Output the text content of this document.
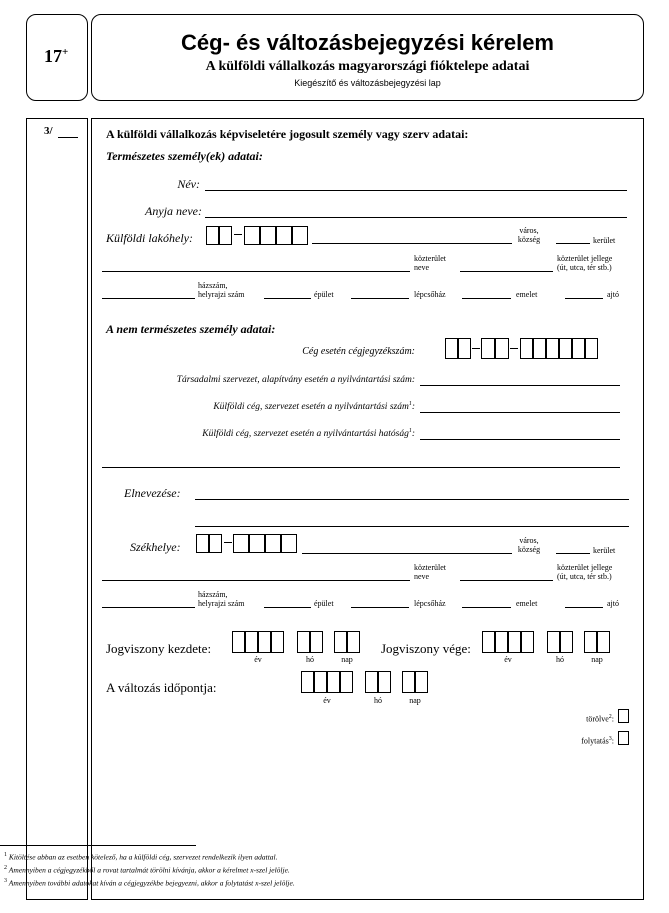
17+	Cég- és változásbejegyzési kérelem
A külföldi vállalkozás magyarországi fióktelepe adatai
Kiegészítő és változásbejegyzési lap
3/	A külföldi vállalkozás képviseletére jogosult személy vagy szerv adatai:
Természetes személy(ek) adatai:
Név:
Anyja neve:
Külföldi lakóhely:
város,
község	kerület
közterület
neve
közterület jellege
(út, utca, tér stb.)
házszám,
helyrajzi szám	épület	lépcsőház	emelet	ajtó
A nem természetes személy adatai:
Cég esetén cégjegyzékszám:
Társadalmi szervezet, alapítvány esetén a nyilvántartási szám:
Külföldi cég, szervezet esetén a nyilvántartási szám$^1$:
Külföldi cég, szervezet esetén a nyilvántartási hatóság$^1$:
Elnevezése:
Székhelye:	város,
község	kerület
közterület
neve
közterület jellege
(út, utca, tér stb.)
házszám,
helyrajzi szám	épület	lépcsőház	emelet	ajtó
Jogviszony kezdete:
év	hó	nap
Jogviszony vége:
év	hó	nap
A változás időpontja:
év	hó	nap
törölve$^2$:
folytatás$^3$:
$^1$ Kitöltése abban az esetben kötelező, ha a külföldi cég, szervezet rendelkezik ilyen adattal.
$^2$ Amennyiben a cégjegyzékből a rovat tartalmát törölni kívánja, akkor a kérelmet x-szel jelölje.
$^3$ Amennyiben további adatokat kíván a cégjegyzékbe bejegyezni, akkor a folytatást x-szel jelölje.
